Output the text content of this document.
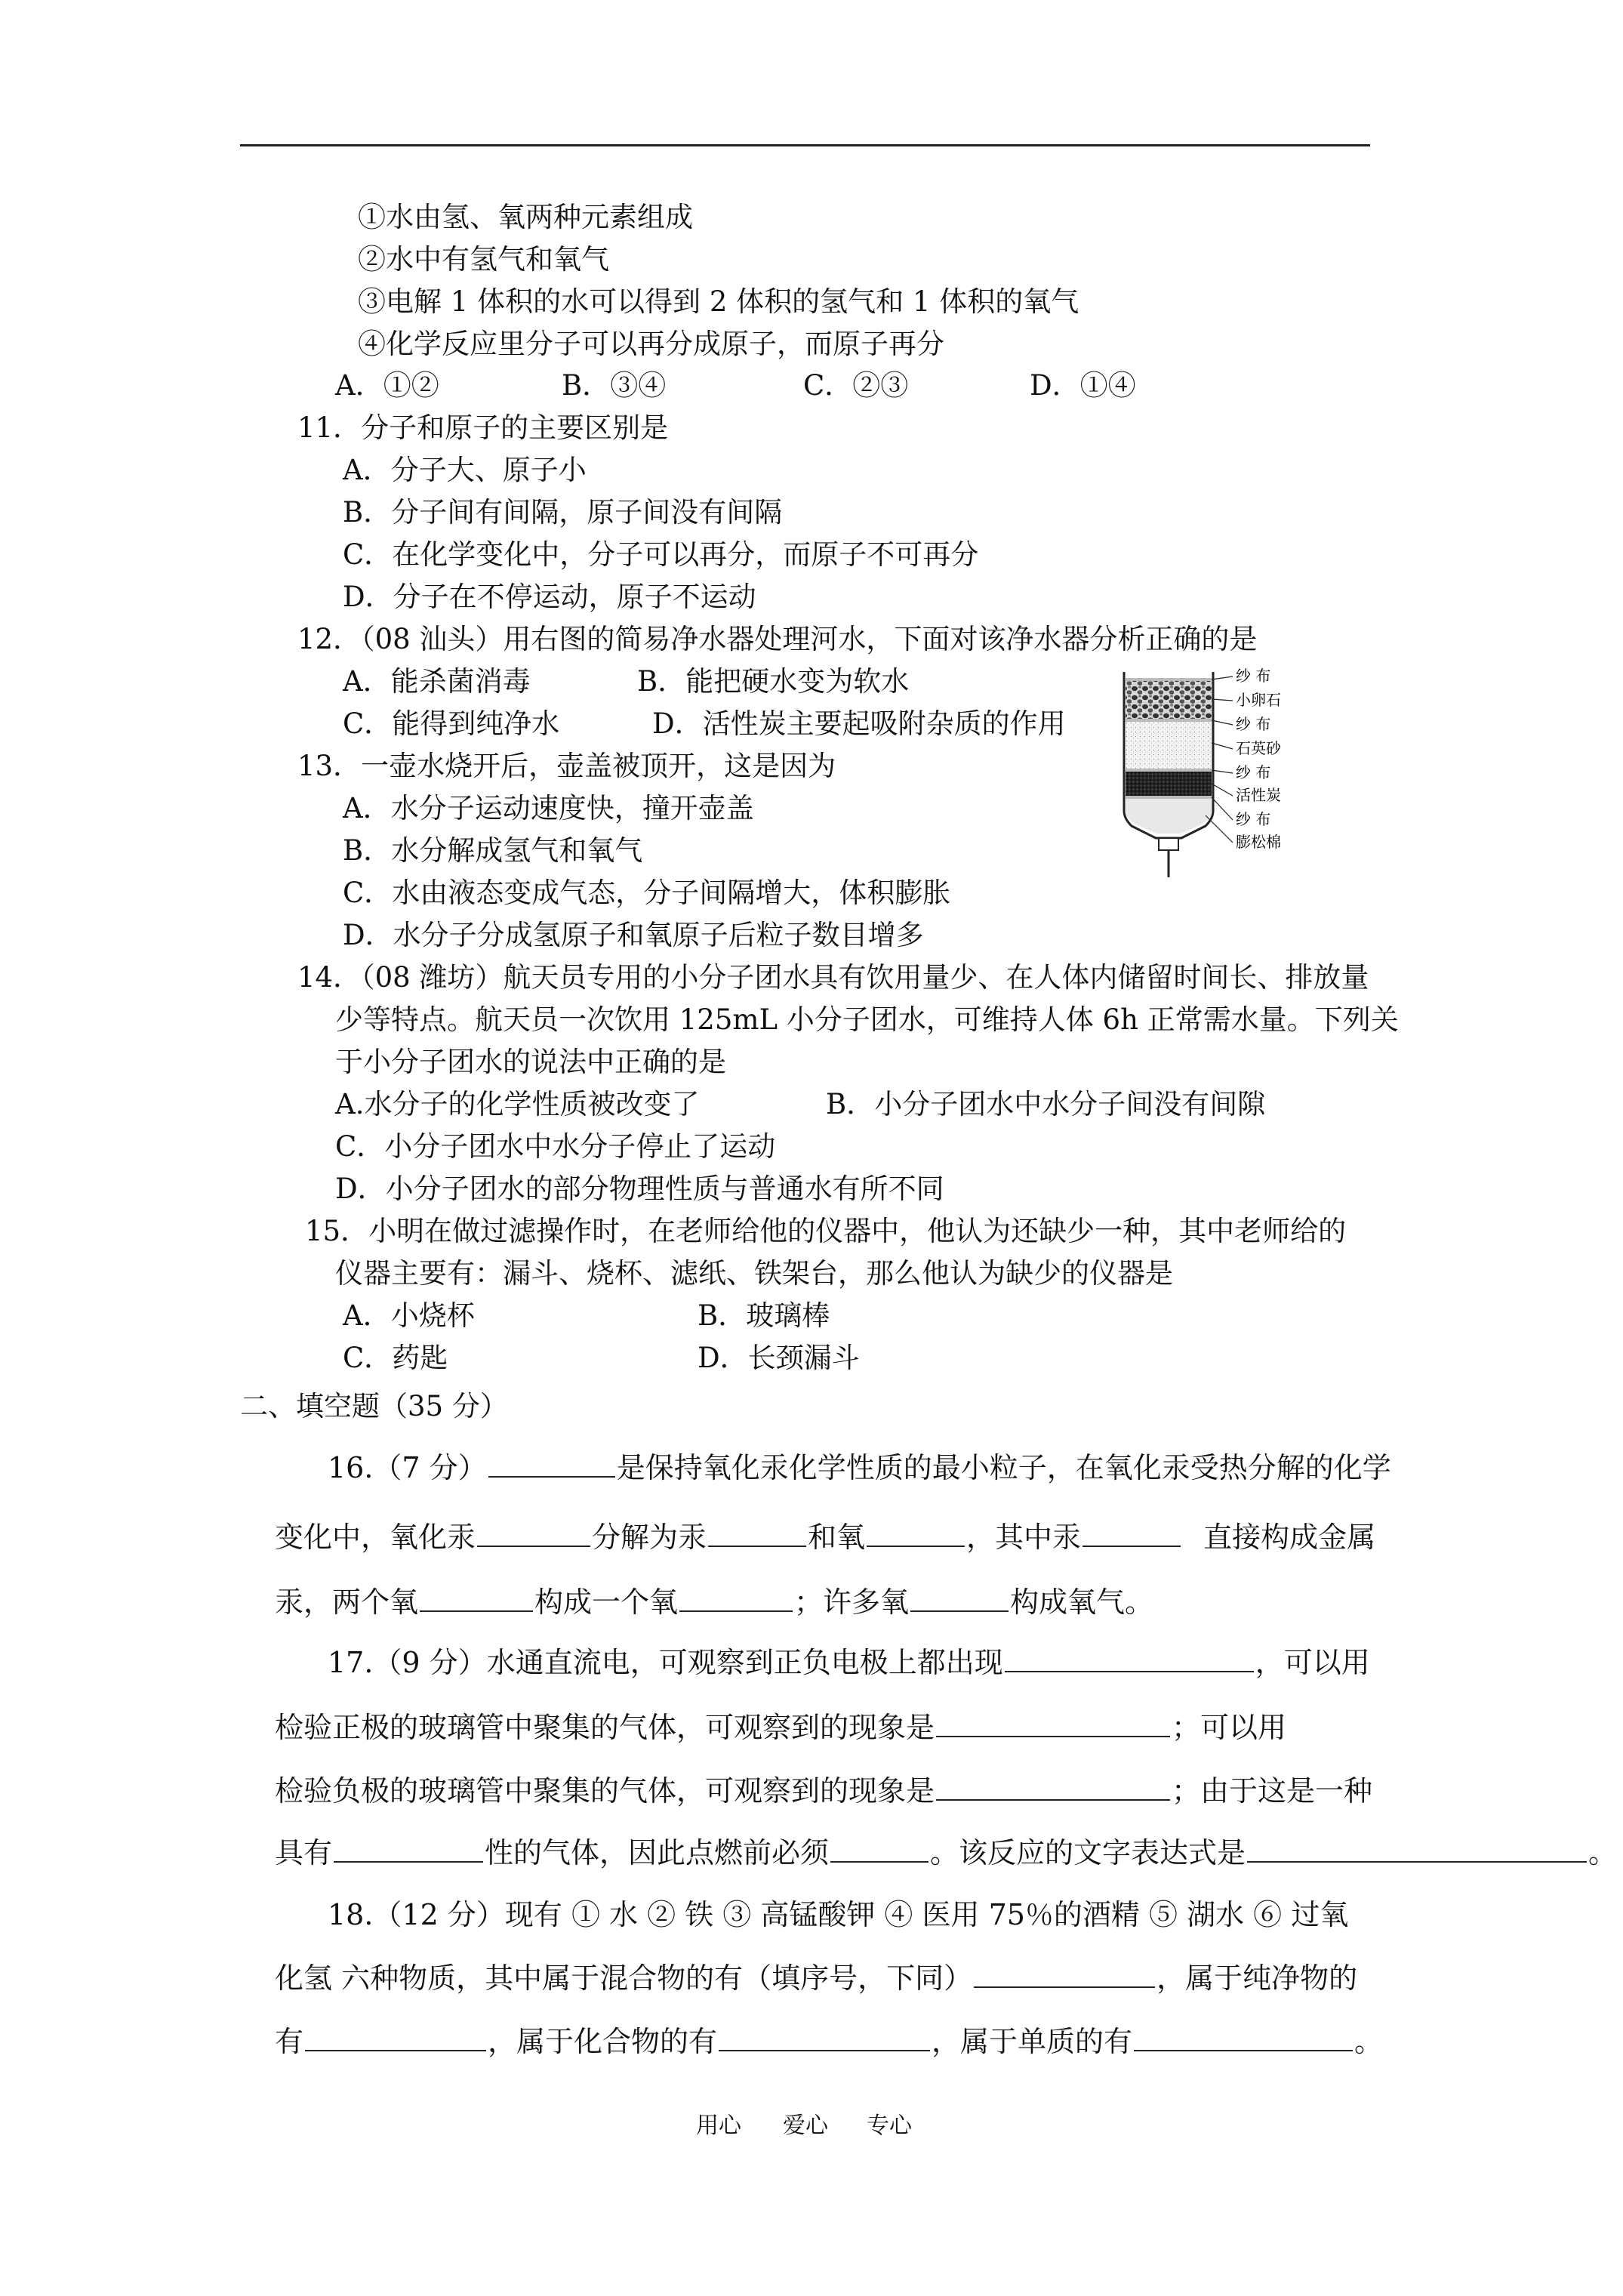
①水由氢、氧两种元素组成
②水中有氢气和氧气
③电解 1 体积的水可以得到 2 体积的氢气和 1 体积的氧气
④化学反应里分子可以再分成原子，而原子再分
A．①②	B．③④	C．②③	D．①④
11．分子和原子的主要区别是
A．分子大、原子小
B．分子间有间隔，原子间没有间隔
C．在化学变化中，分子可以再分，而原子不可再分
D．分子在不停运动，原子不运动
12．（08 汕头）用右图的简易净水器处理河水，下面对该净水器分析正确的是
A．能杀菌消毒	B．能把硬水变为软水
C．能得到纯净水	D．活性炭主要起吸附杂质的作用
纱 布
小卵石
纱 布
石英砂
纱 布
活性炭
纱 布
膨松棉
13．一壶水烧开后，壶盖被顶开，这是因为
A．水分子运动速度快，撞开壶盖
B．水分解成氢气和氧气
C．水由液态变成气态，分子间隔增大，体积膨胀
D．水分子分成氢原子和氧原子后粒子数目增多
14．（08 潍坊）航天员专用的小分子团水具有饮用量少、在人体内储留时间长、排放量
少等特点。航天员一次饮用 125mL 小分子团水，可维持人体 6h 正常需水量。下列关
于小分子团水的说法中正确的是
A.水分子的化学性质被改变了	B．小分子团水中水分子间没有间隙
C．小分子团水中水分子停止了运动
D．小分子团水的部分物理性质与普通水有所不同
15．小明在做过滤操作时，在老师给他的仪器中，他认为还缺少一种，其中老师给的
仪器主要有：漏斗、烧杯、滤纸、铁架台，那么他认为缺少的仪器是
A．小烧杯	B．玻璃棒
C．药匙	D．长颈漏斗
二、填空题（35 分）
16.（7 分）	是保持氧化汞化学性质的最小粒子，在氧化汞受热分解的化学
变化中，氧化汞	分解为汞	和氧	，其中汞	直接构成金属
汞，两个氧	构成一个氧	；许多氧	构成氧气。
17.（9 分）水通直流电，可观察到正负电极上都出现	，可以用
检验正极的玻璃管中聚集的气体，可观察到的现象是	；可以用
检验负极的玻璃管中聚集的气体，可观察到的现象是	；由于这是一种
具有	性的气体，因此点燃前必须	。该反应的文字表达式是	。
18.（12 分）现有 ① 水 ② 铁 ③ 高锰酸钾 ④ 医用 75％的酒精 ⑤ 湖水 ⑥ 过氧
化氢 六种物质，其中属于混合物的有（填序号，下同）	，属于纯净物的
有	，属于化合物的有	，属于单质的有	。
用心 爱心 专心
